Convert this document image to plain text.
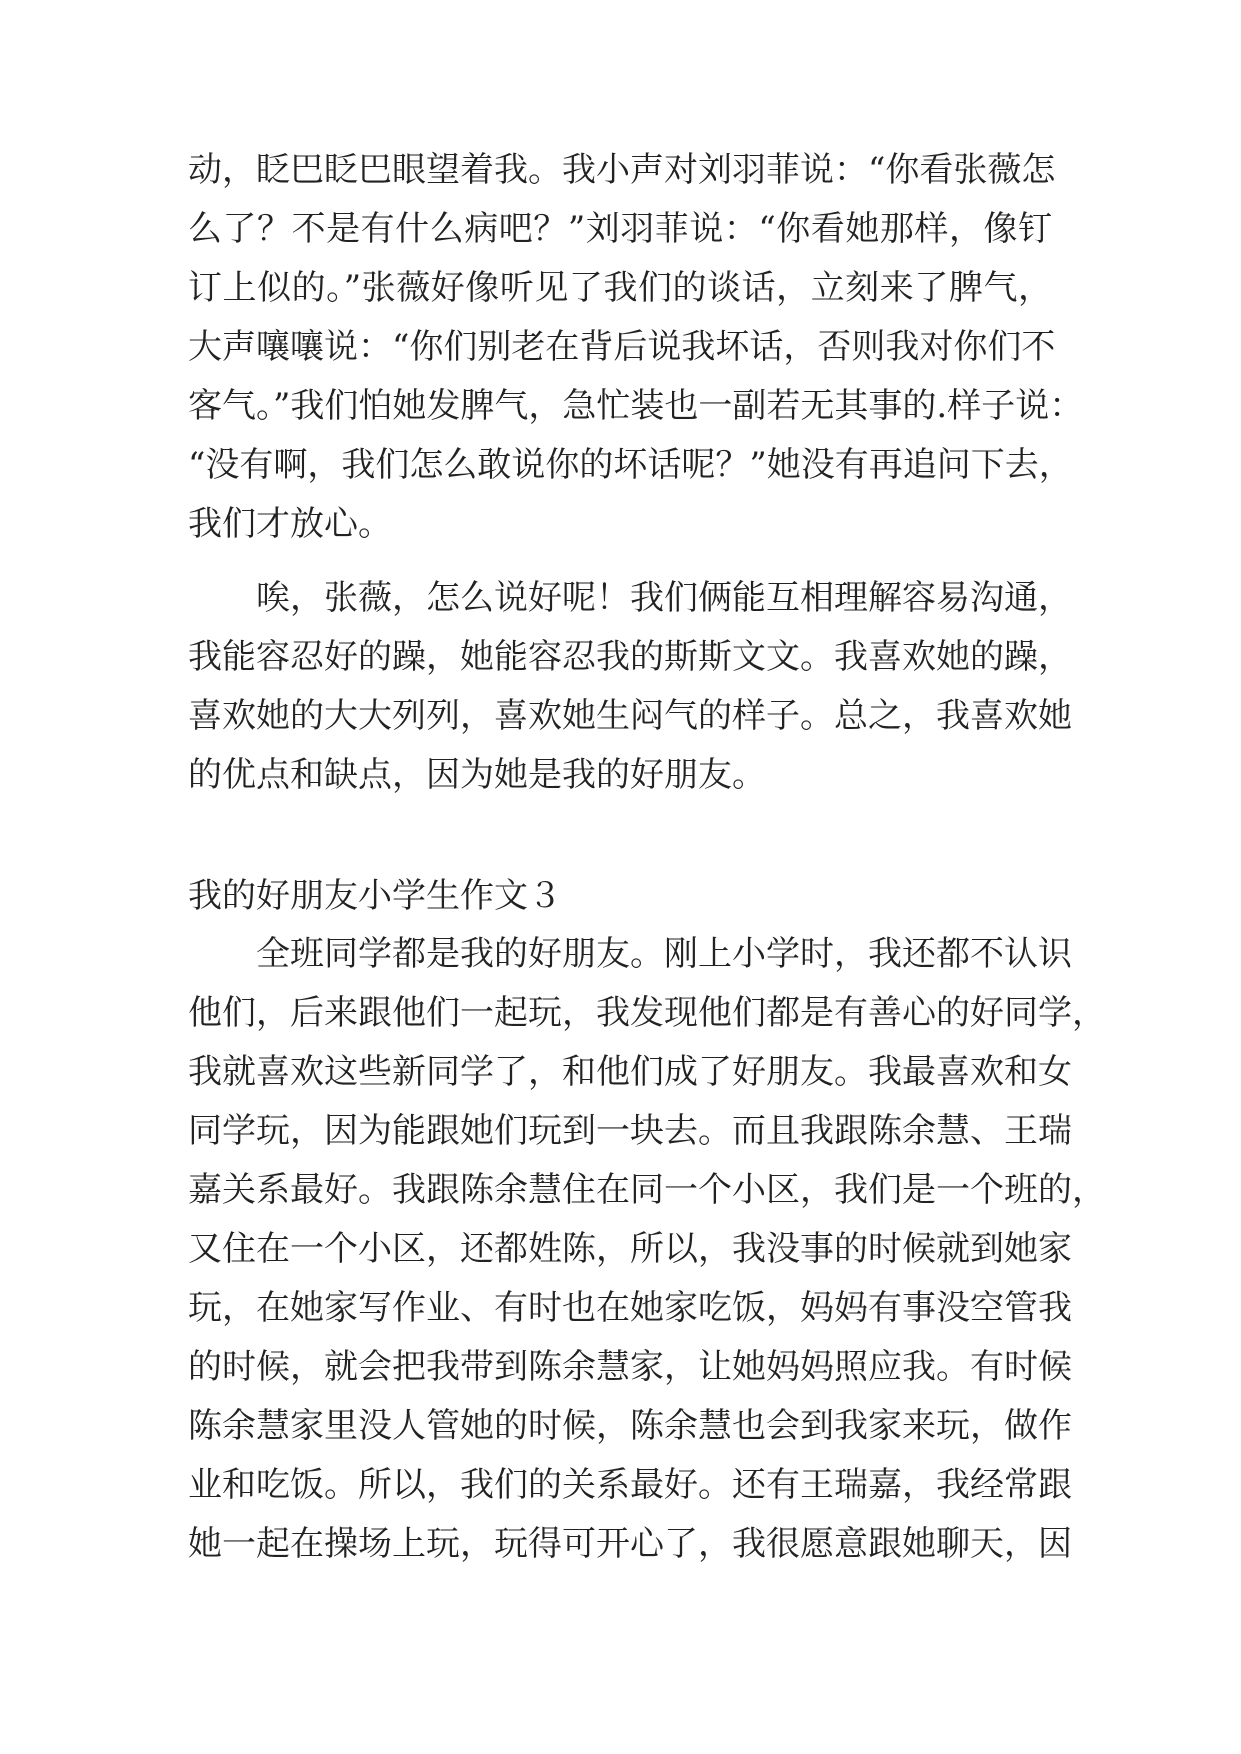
动，眨巴眨巴眼望着我。我小声对刘羽菲说：“你看张薇怎
么了？不是有什么病吧？”刘羽菲说：“你看她那样，像钉
订上似的。”张薇好像听见了我们的谈话，立刻来了脾气，
大声嚷嚷说：“你们别老在背后说我坏话，否则我对你们不
客气。”我们怕她发脾气，急忙装也一副若无其事的.样子说：
“没有啊，我们怎么敢说你的坏话呢？”她没有再追问下去，
我们才放心。
唉，张薇，怎么说好呢！我们俩能互相理解容易沟通，
我能容忍好的躁，她能容忍我的斯斯文文。我喜欢她的躁，
喜欢她的大大列列，喜欢她生闷气的样子。总之，我喜欢她
的优点和缺点，因为她是我的好朋友。
我的好朋友小学生作文３
全班同学都是我的好朋友。刚上小学时，我还都不认识
他们，后来跟他们一起玩，我发现他们都是有善心的好同学，
我就喜欢这些新同学了，和他们成了好朋友。我最喜欢和女
同学玩，因为能跟她们玩到一块去。而且我跟陈余慧、王瑞
嘉关系最好。我跟陈余慧住在同一个小区，我们是一个班的，
又住在一个小区，还都姓陈，所以，我没事的时候就到她家
玩，在她家写作业、有时也在她家吃饭，妈妈有事没空管我
的时候，就会把我带到陈余慧家，让她妈妈照应我。有时候
陈余慧家里没人管她的时候，陈余慧也会到我家来玩，做作
业和吃饭。所以，我们的关系最好。还有王瑞嘉，我经常跟
她一起在操场上玩，玩得可开心了，我很愿意跟她聊天，因
